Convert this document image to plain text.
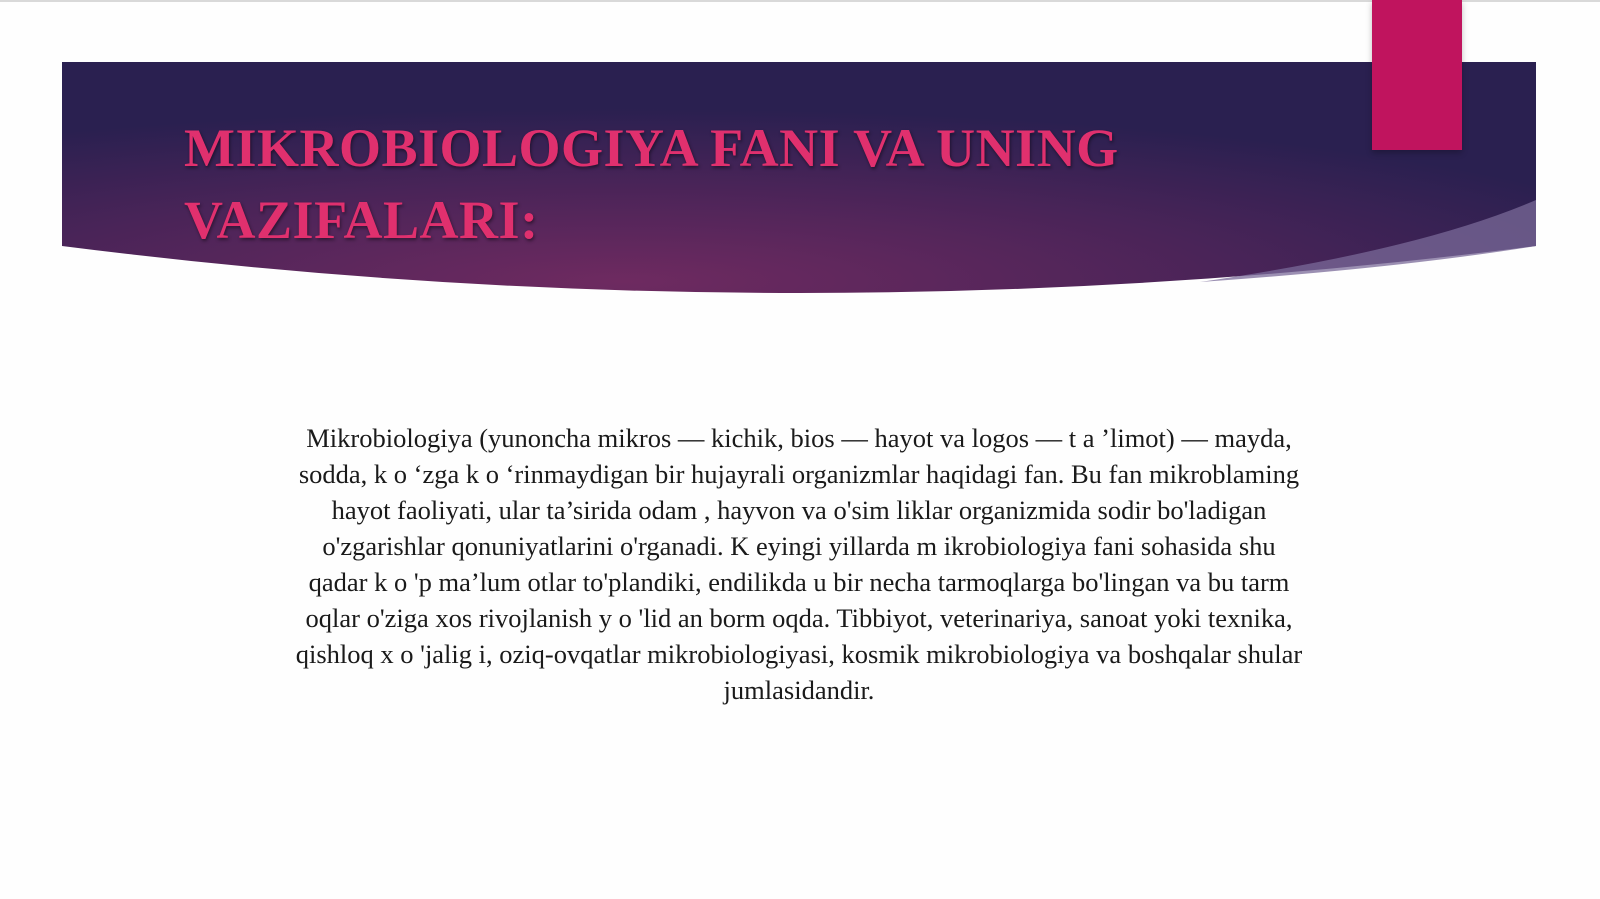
MIKROBIOLOGIYA FANI VA UNING VAZIFALARI:

Mikrobiologiya (yunoncha mikros — kichik, bios — hayot va logos — t a ’limot) — mayda, sodda, k o ‘zga k o ‘rinmaydigan bir hujayrali organizmlar haqidagi fan. Bu fan mikroblaming hayot faoliyati, ular ta’sirida odam , hayvon va o'sim liklar organizmida sodir bo'ladigan o'zgarishlar qonuniyatlarini o'rganadi. K eyingi yillarda m ikrobiologiya fani sohasida shu qadar k o 'p ma’lum otlar to'plandiki, endilikda u bir necha tarmoqlarga bo'lingan va bu tarm oqlar o'ziga xos rivojlanish y o 'lid an borm oqda. Tibbiyot, veterinariya, sanoat yoki texnika, qishloq x o 'jalig i, oziq-ovqatlar mikrobiologiyasi, kosmik mikrobiologiya va boshqalar shular jumlasidandir.
